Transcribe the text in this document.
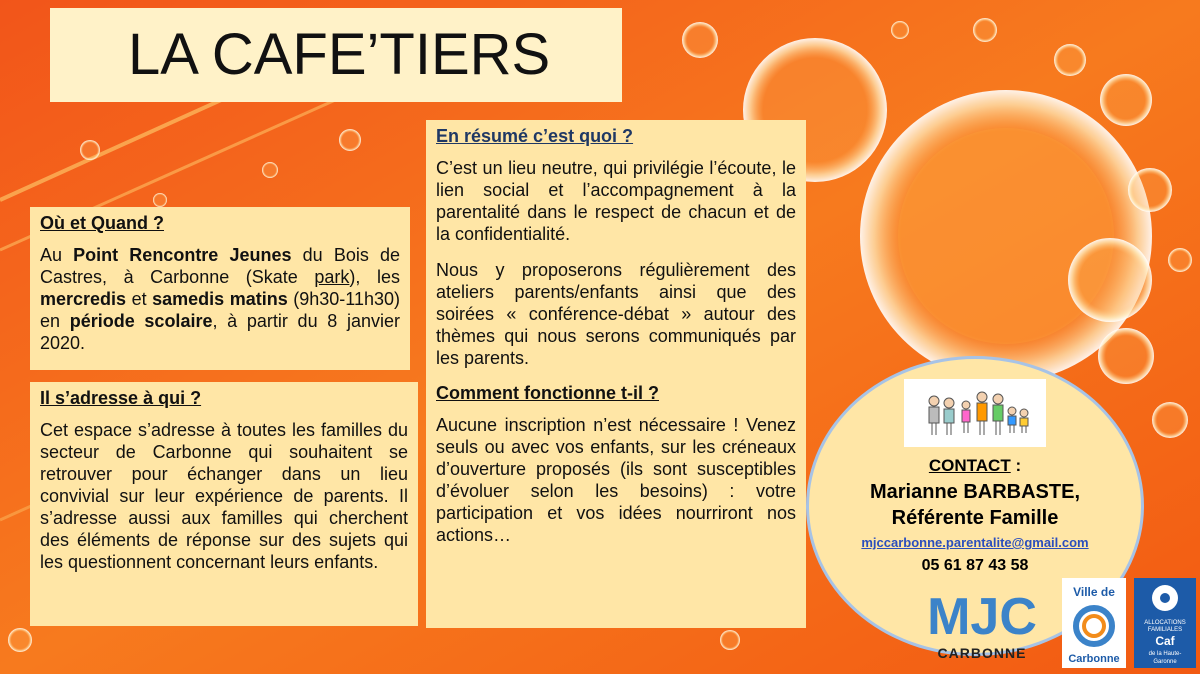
LA CAFE’TIERS
Où et Quand ?

Au Point Rencontre Jeunes du Bois de Castres, à Carbonne (Skate park), les mercredis et samedis matins (9h30-11h30) en période scolaire, à partir du 8 janvier 2020.

Il s’adresse à qui ?

Cet espace s’adresse à toutes les familles du secteur de Carbonne qui souhaitent se retrouver pour échanger dans un lieu convivial sur leur expérience de parents. Il s’adresse aussi aux familles qui cherchent des éléments de réponse sur des sujets qui les questionnent concernant leurs enfants.

En résumé c’est quoi ?

C’est un lieu neutre, qui privilégie l’écoute, le lien social et l’accompagnement à la parentalité dans le respect de chacun et de la confidentialité.

Nous y proposerons régulièrement des ateliers parents/enfants ainsi que des soirées « conférence-débat » autour des thèmes qui nous serons communiqués par les parents.

Comment fonctionne t-il ?

Aucune inscription n’est nécessaire ! Venez seuls ou avec vos enfants, sur les créneaux d’ouverture proposés (ils sont susceptibles d’évoluer selon les besoins) : votre participation et vos idées nourriront nos actions…

CONTACT :
Marianne BARBASTE,
Référente Famille
mjccarbonne.parentalite@gmail.com
05 61 87 43 58
MJC
CARBONNE
Ville de
Carbonne
ALLOCATIONS
FAMILIALES
Caf
de la Haute-
Garonne
